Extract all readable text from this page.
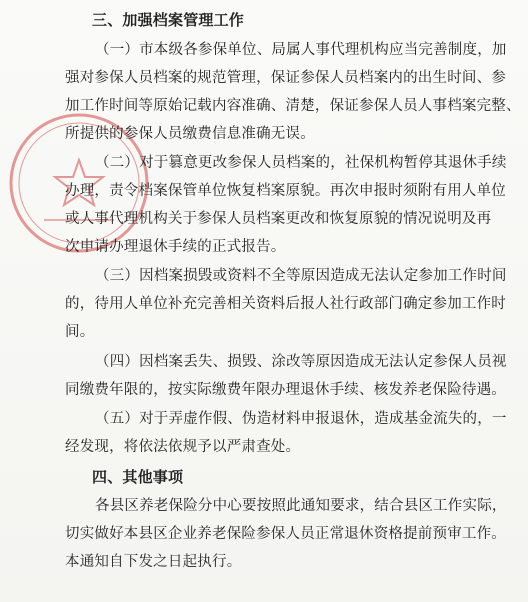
三、加强档案管理工作
（一）市本级各参保单位、局属人事代理机构应当完善制度，加
强对参保人员档案的规范管理，保证参保人员档案内的出生时间、参
加工作时间等原始记载内容准确、清楚，保证参保人员人事档案完整、
所提供的参保人员缴费信息准确无误。
（二）对于篡意更改参保人员档案的，社保机构暂停其退休手续
办理，责令档案保管单位恢复档案原貌。再次申报时须附有用人单位
或人事代理机构关于参保人员档案更改和恢复原貌的情况说明及再
次申请办理退休手续的正式报告。
（三）因档案损毁或资料不全等原因造成无法认定参加工作时间
的，待用人单位补充完善相关资料后报人社行政部门确定参加工作时
间。
（四）因档案丢失、损毁、涂改等原因造成无法认定参保人员视
同缴费年限的，按实际缴费年限办理退休手续、核发养老保险待遇。
（五）对于弄虚作假、伪造材料申报退休，造成基金流失的，一
经发现，将依法依规予以严肃查处。
四、其他事项
各县区养老保险分中心要按照此通知要求，结合县区工作实际，
切实做好本县区企业养老保险参保人员正常退休资格提前预审工作。
本通知自下发之日起执行。
